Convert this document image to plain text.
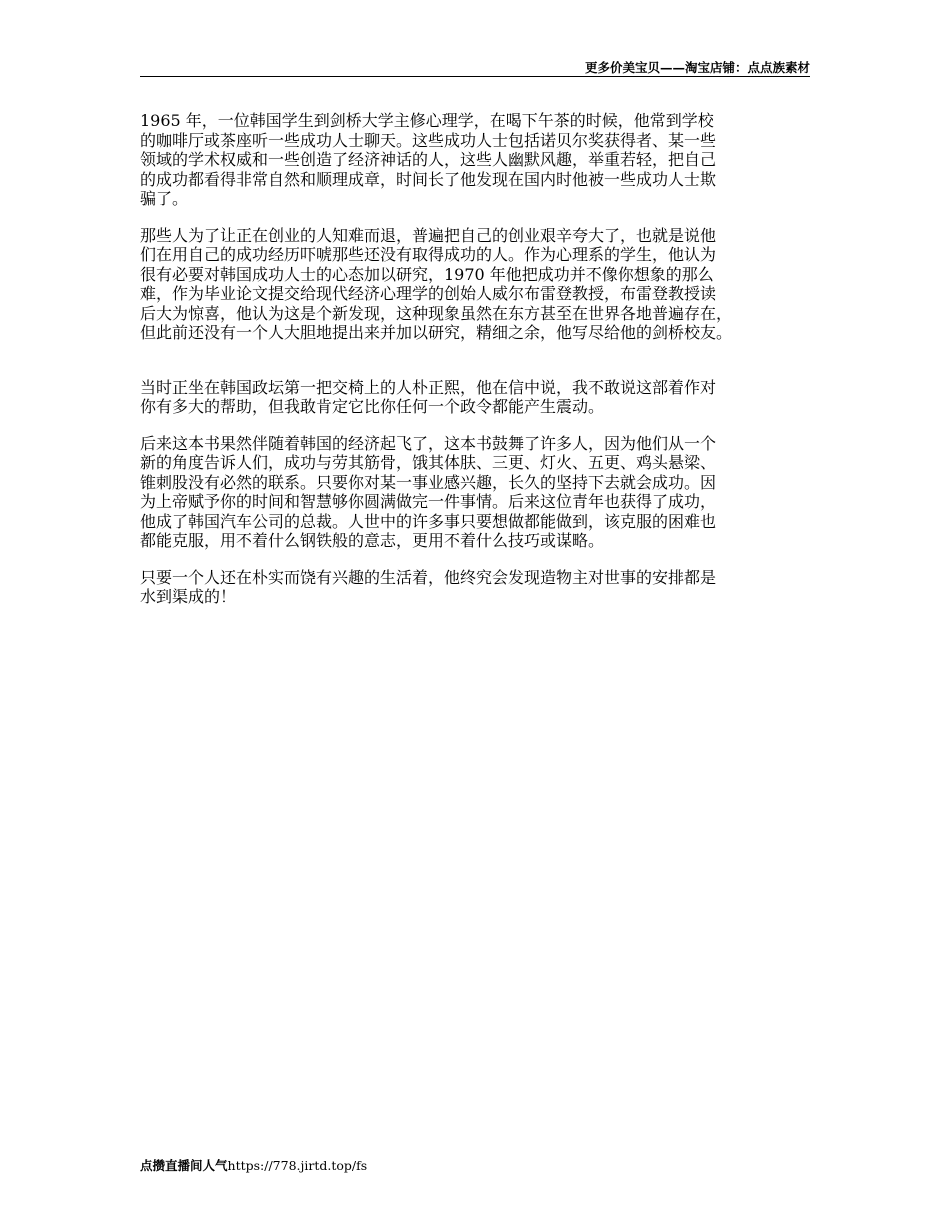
更多价美宝贝——淘宝店铺：点点族素材

1965 年，一位韩国学生到剑桥大学主修心理学，在喝下午茶的时候，他常到学校
的咖啡厅或茶座听一些成功人士聊天。这些成功人士包括诺贝尔奖获得者、某一些
领域的学术权威和一些创造了经济神话的人，这些人幽默风趣，举重若轻，把自己
的成功都看得非常自然和顺理成章，时间长了他发现在国内时他被一些成功人士欺
骗了。

那些人为了让正在创业的人知难而退，普遍把自己的创业艰辛夸大了，也就是说他
们在用自己的成功经历吓唬那些还没有取得成功的人。作为心理系的学生，他认为
很有必要对韩国成功人士的心态加以研究，1970 年他把成功并不像你想象的那么
难，作为毕业论文提交给现代经济心理学的创始人威尔布雷登教授，布雷登教授读
后大为惊喜，他认为这是个新发现，这种现象虽然在东方甚至在世界各地普遍存在，
但此前还没有一个人大胆地提出来并加以研究，精细之余，他写尽给他的剑桥校友。

当时正坐在韩国政坛第一把交椅上的人朴正熙，他在信中说，我不敢说这部着作对
你有多大的帮助，但我敢肯定它比你任何一个政令都能产生震动。

后来这本书果然伴随着韩国的经济起飞了，这本书鼓舞了许多人，因为他们从一个
新的角度告诉人们，成功与劳其筋骨，饿其体肤、三更、灯火、五更、鸡头悬梁、
锥刺股没有必然的联系。只要你对某一事业感兴趣，长久的坚持下去就会成功。因
为上帝赋予你的时间和智慧够你圆满做完一件事情。后来这位青年也获得了成功，
他成了韩国汽车公司的总裁。人世中的许多事只要想做都能做到，该克服的困难也
都能克服，用不着什么钢铁般的意志，更用不着什么技巧或谋略。

只要一个人还在朴实而饶有兴趣的生活着，他终究会发现造物主对世事的安排都是
水到渠成的！

点攒直播间人气https://778.jirtd.top/fs
